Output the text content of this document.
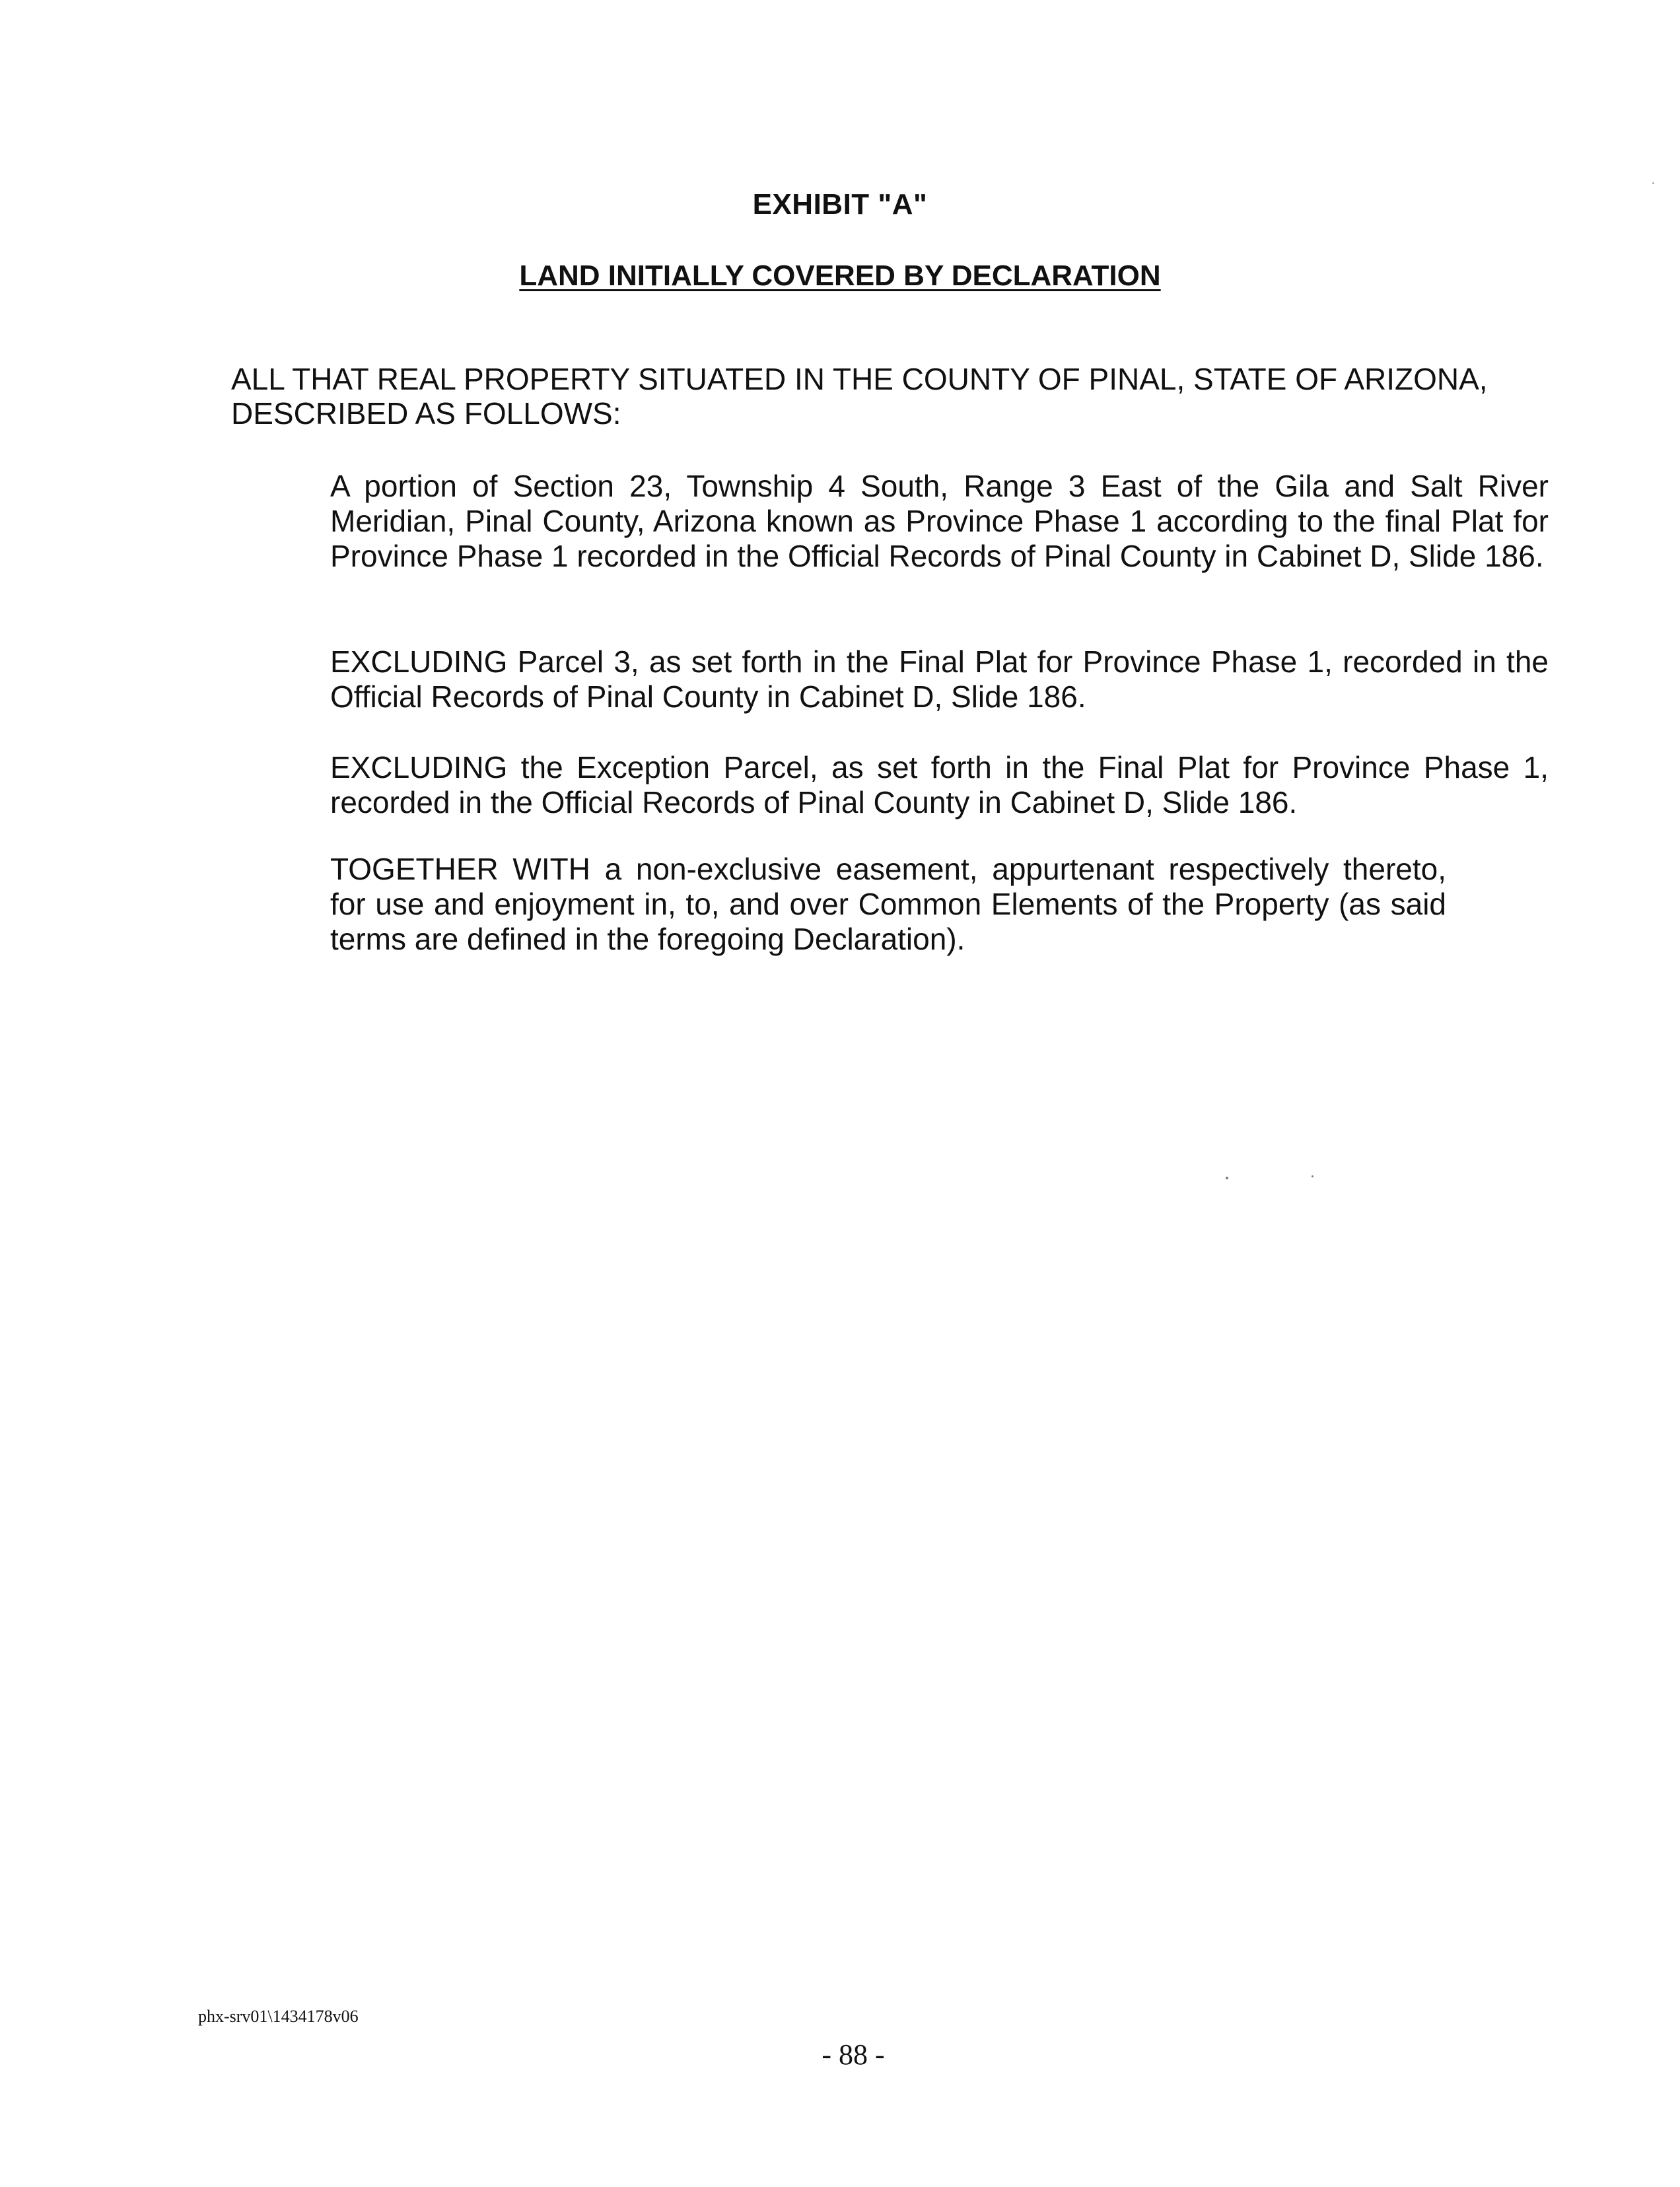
EXHIBIT "A"
LAND INITIALLY COVERED BY DECLARATION
ALL THAT REAL PROPERTY SITUATED IN THE COUNTY OF PINAL, STATE OF ARIZONA, DESCRIBED AS FOLLOWS:
A portion of Section 23, Township 4 South, Range 3 East of the Gila and Salt River Meridian, Pinal County, Arizona known as Province Phase 1 according to the final Plat for Province Phase 1 recorded in the Official Records of Pinal County in Cabinet D, Slide 186.
EXCLUDING Parcel 3, as set forth in the Final Plat for Province Phase 1, recorded in the Official Records of Pinal County in Cabinet D, Slide 186.
EXCLUDING the Exception Parcel, as set forth in the Final Plat for Province Phase 1, recorded in the Official Records of Pinal County in Cabinet D, Slide 186.
TOGETHER WITH a non-exclusive easement, appurtenant respectively thereto, for use and enjoyment in, to, and over Common Elements of the Property (as said terms are defined in the foregoing Declaration).
phx-srv01\1434178v06
- 88 -
